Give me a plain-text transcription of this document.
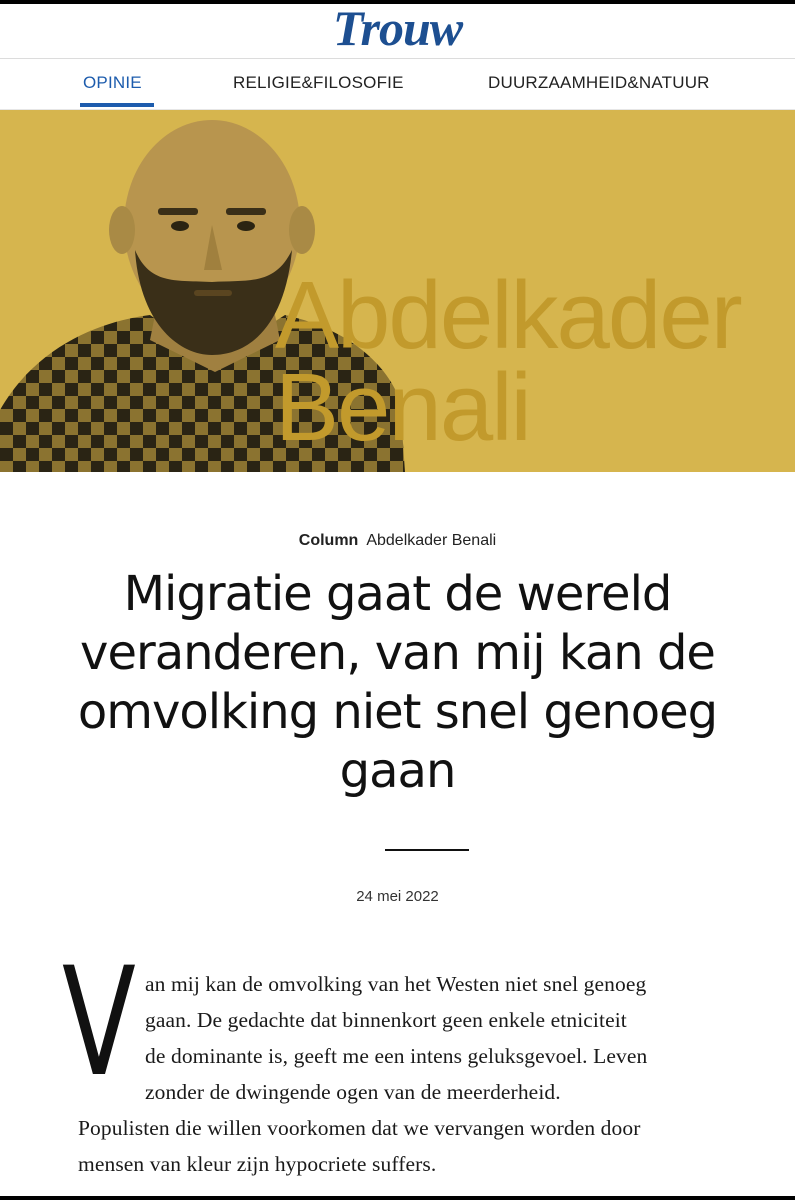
Trouw
OPINIE	RELIGIE&FILOSOFIE	DUURZAAMHEID&NATUUR
Abdelkader
Benali
Column Abdelkader Benali
Migratie gaat de wereld veranderen, van mij kan de omvolking niet snel genoeg gaan
24 mei 2022
V an mij kan de omvolking van het Westen niet snel genoeg
gaan. De gedachte dat binnenkort geen enkele etniciteit
de dominante is, geeft me een intens geluksgevoel. Leven
zonder de dwingende ogen van de meerderheid.
Populisten die willen voorkomen dat we vervangen worden door
mensen van kleur zijn hypocriete suffers.
